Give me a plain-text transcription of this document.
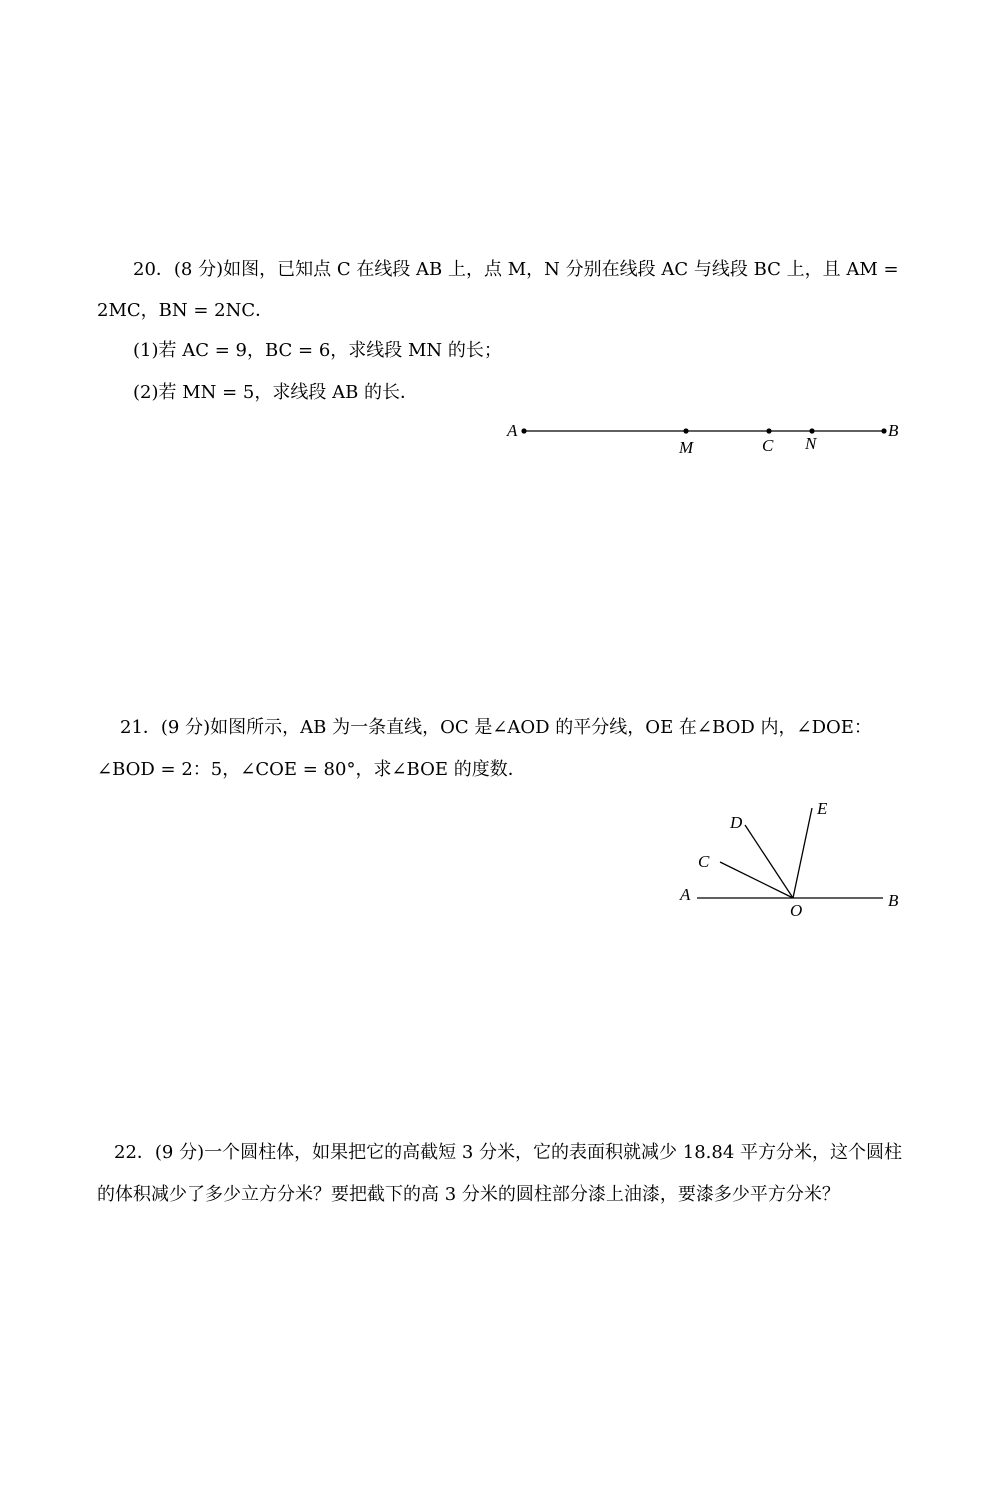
20．(8 分)如图，已知点 C 在线段 AB 上，点 M，N 分别在线段 AC 与线段 BC 上，且 AM =
2MC，BN = 2NC．
(1)若 AC = 9，BC = 6，求线段 MN 的长；
(2)若 MN = 5，求线段 AB 的长．
A
M	C N
B
21．(9 分)如图所示，AB 为一条直线，OC 是∠AOD 的平分线，OE 在∠BOD 内，∠DOE：
∠BOD = 2：5，∠COE = 80°，求∠BOE 的度数．
A	B
C
D
E
O
22．(9 分)一个圆柱体，如果把它的高截短 3 分米，它的表面积就减少 18.84 平方分米，这个圆柱
的体积减少了多少立方分米？要把截下的高 3 分米的圆柱部分漆上油漆，要漆多少平方分米？
